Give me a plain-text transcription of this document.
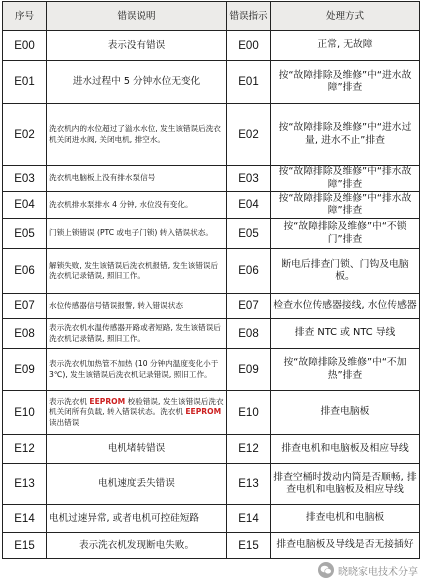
序号	错误说明	错误指示	处理方式
E00	表示没有错误	E00	正常, 无故障
E01	进水过程中 5 分钟水位无变化	E01	按“故障排除及维修”中“进水故障”排查
E02	洗衣机内的水位超过了溢水水位, 发生该错误后洗衣机关闭进水阀, 关闭电机, 排空水。	E02	按“故障排除及维修”中“进水过量, 进水不止”排查
E03	洗衣机电脑板上没有排水泵信号	E03	按“故障排除及维修”中“排水故障”排查
E04	洗衣机排水泵排水 4 分钟, 水位没有变化。	E04	按“故障排除及维修”中“排水故障”排查
E05	门锁上锁错误 (PTC 或电子门锁) 转入错误状态。	E05	按“故障排除及维修”中“不锁门”排查
E06	解锁失败, 发生该错误后洗衣机报错, 发生该错误后洗衣机记录错误, 照旧工作。	E06	断电后排查门锁、门钩及电脑板。
E07	水位传感器信号错误报警, 转入错误状态	E07	检查水位传感器接线, 水位传感器
E08	表示洗衣机水温传感器开路或者短路, 发生该错误后洗衣机记录错误, 照旧工作。	E08	排查 NTC 或 NTC 导线
E09	表示洗衣机加热管不加热 (10 分钟内温度变化小于 3℃), 发生该错误后洗衣机记录错误, 照旧工作。	E09	按“故障排除及维修”中“不加热”排查
E10	表示洗衣机 EEPROM 校验错误, 发生该错误后洗衣机关闭所有负载, 转入错误状态。洗衣机 EEPROM 读出错误	E10	排查电脑板
E12	电机堵转错误	E12	排查电机和电脑板及相应导线
E13	电机速度丢失错误	E13	排查空桶时拨动内筒是否顺畅, 排查电机和电脑板及相应导线
E14	电机过速异常, 或者电机可控硅短路	E14	排查电机和电脑板
E15	表示洗衣机发现断电失败。	E15	排查电脑板及导线是否无接插好
晓晓家电技术分享
